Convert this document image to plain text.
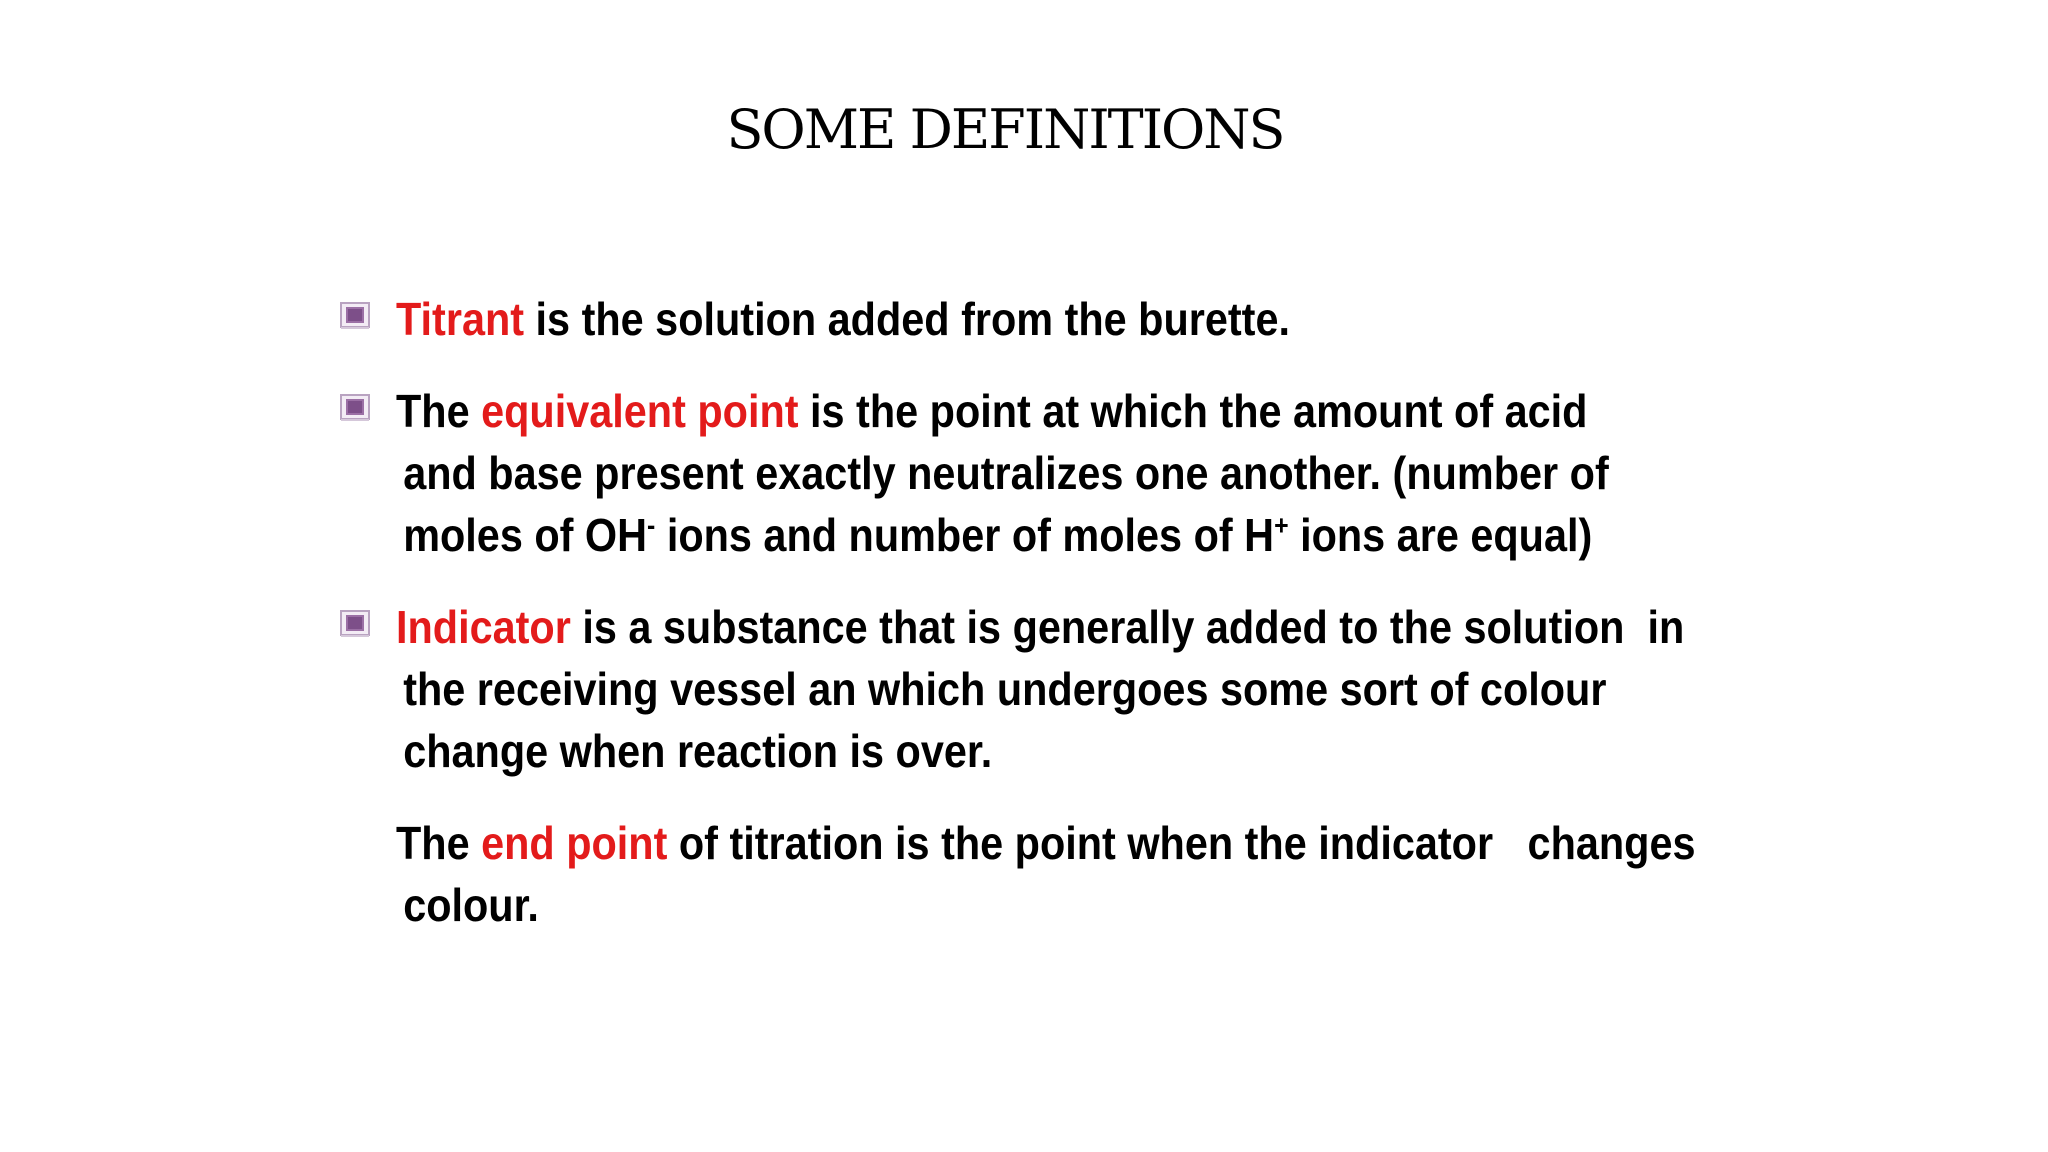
SOME DEFINITIONS
Titrant is the solution added from the burette.
The equivalent point is the point at which the amount of acid
and base present exactly neutralizes one another. (number of
moles of OH- ions and number of moles of H+ ions are equal)
Indicator is a substance that is generally added to the solution  in
the receiving vessel an which undergoes some sort of colour
change when reaction is over.
The end point of titration is the point when the indicator   changes
colour.
